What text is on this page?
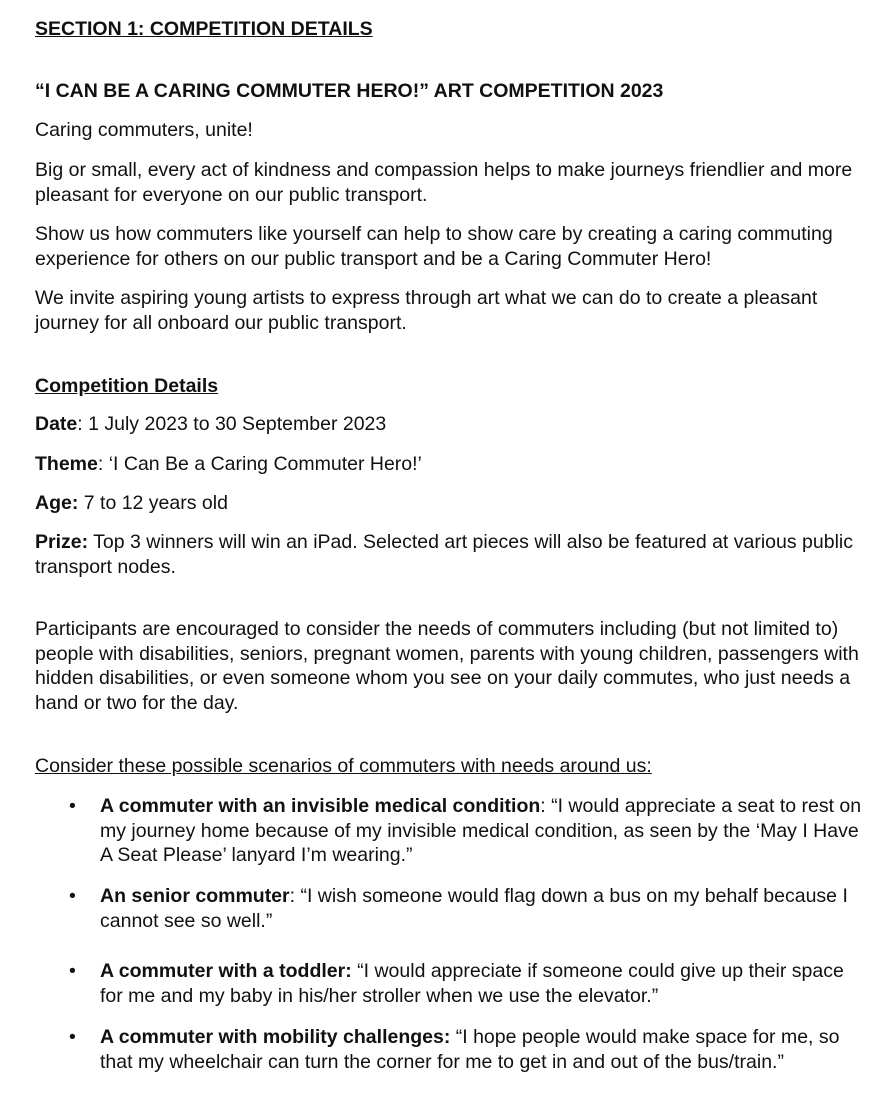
SECTION 1: COMPETITION DETAILS

“I CAN BE A CARING COMMUTER HERO!” ART COMPETITION 2023

Caring commuters, unite!

Big or small, every act of kindness and compassion helps to make journeys friendlier and more pleasant for everyone on our public transport.

Show us how commuters like yourself can help to show care by creating a caring commuting experience for others on our public transport and be a Caring Commuter Hero!

We invite aspiring young artists to express through art what we can do to create a pleasant journey for all onboard our public transport.

Competition Details

Date: 1 July 2023 to 30 September 2023

Theme: ‘I Can Be a Caring Commuter Hero!’

Age: 7 to 12 years old

Prize: Top 3 winners will win an iPad. Selected art pieces will also be featured at various public transport nodes.

Participants are encouraged to consider the needs of commuters including (but not limited to) people with disabilities, seniors, pregnant women, parents with young children, passengers with hidden disabilities, or even someone whom you see on your daily commutes, who just needs a hand or two for the day.

Consider these possible scenarios of commuters with needs around us:

• A commuter with an invisible medical condition: “I would appreciate a seat to rest on my journey home because of my invisible medical condition, as seen by the ‘May I Have A Seat Please’ lanyard I’m wearing.”
• An senior commuter: “I wish someone would flag down a bus on my behalf because I cannot see so well.”
• A commuter with a toddler: “I would appreciate if someone could give up their space for me and my baby in his/her stroller when we use the elevator.”
• A commuter with mobility challenges: “I hope people would make space for me, so that my wheelchair can turn the corner for me to get in and out of the bus/train.”
